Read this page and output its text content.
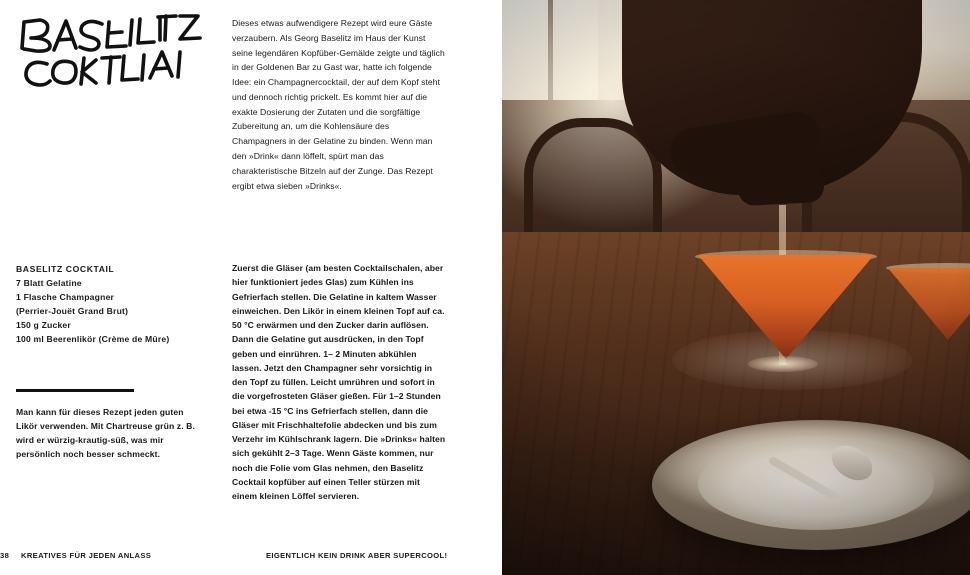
BASELITZ COCKTAIL
7 Blatt Gelatine
1 Flasche Champagner
(Perrier-Jouët Grand Brut)
150 g Zucker
100 ml Beerenlikör (Crème de Mûre)
Man kann für dieses Rezept jeden guten Likör verwenden. Mit Chartreuse grün z. B. wird er würzig-krautig-süß, was mir persönlich noch besser schmeckt.
Dieses etwas aufwendigere Rezept wird eure Gäste verzaubern. Als Georg Baselitz im Haus der Kunst seine legendären Kopfüber-Gemälde zeigte und täglich in der Goldenen Bar zu Gast war, hatte ich folgende Idee: ein Champagnercocktail, der auf dem Kopf steht und dennoch richtig prickelt. Es kommt hier auf die exakte Dosierung der Zutaten und die sorgfältige Zubereitung an, um die Kohlensäure des Champagners in der Gelatine zu binden. Wenn man den »Drink« dann löffelt, spürt man das charakteristische Bitzeln auf der Zunge. Das Rezept ergibt etwa sieben »Drinks«.
Zuerst die Gläser (am besten Cocktailschalen, aber hier funktioniert jedes Glas) zum Kühlen ins Gefrierfach stellen. Die Gelatine in kaltem Wasser einweichen. Den Likör in einem kleinen Topf auf ca. 50 °C erwärmen und den Zucker darin auflösen. Dann die Gelatine gut ausdrücken, in den Topf geben und einrühren. 1– 2 Minuten abkühlen lassen. Jetzt den Champagner sehr vorsichtig in den Topf zu füllen. Leicht umrühren und sofort in die vorgefrosteten Gläser gießen. Für 1–2 Stunden bei etwa -15 °C ins Gefrierfach stellen, dann die Gläser mit Frischhaltefolie abdecken und bis zum Verzehr im Kühlschrank lagern. Die »Drinks« halten sich gekühlt 2–3 Tage. Wenn Gäste kommen, nur noch die Folie vom Glas nehmen, den Baselitz Cocktail kopfüber auf einen Teller stürzen mit einem kleinen Löffel servieren.
38 KREATIVES FÜR JEDEN ANLASS	EIGENTLICH KEIN DRINK ABER SUPERCOOL!
